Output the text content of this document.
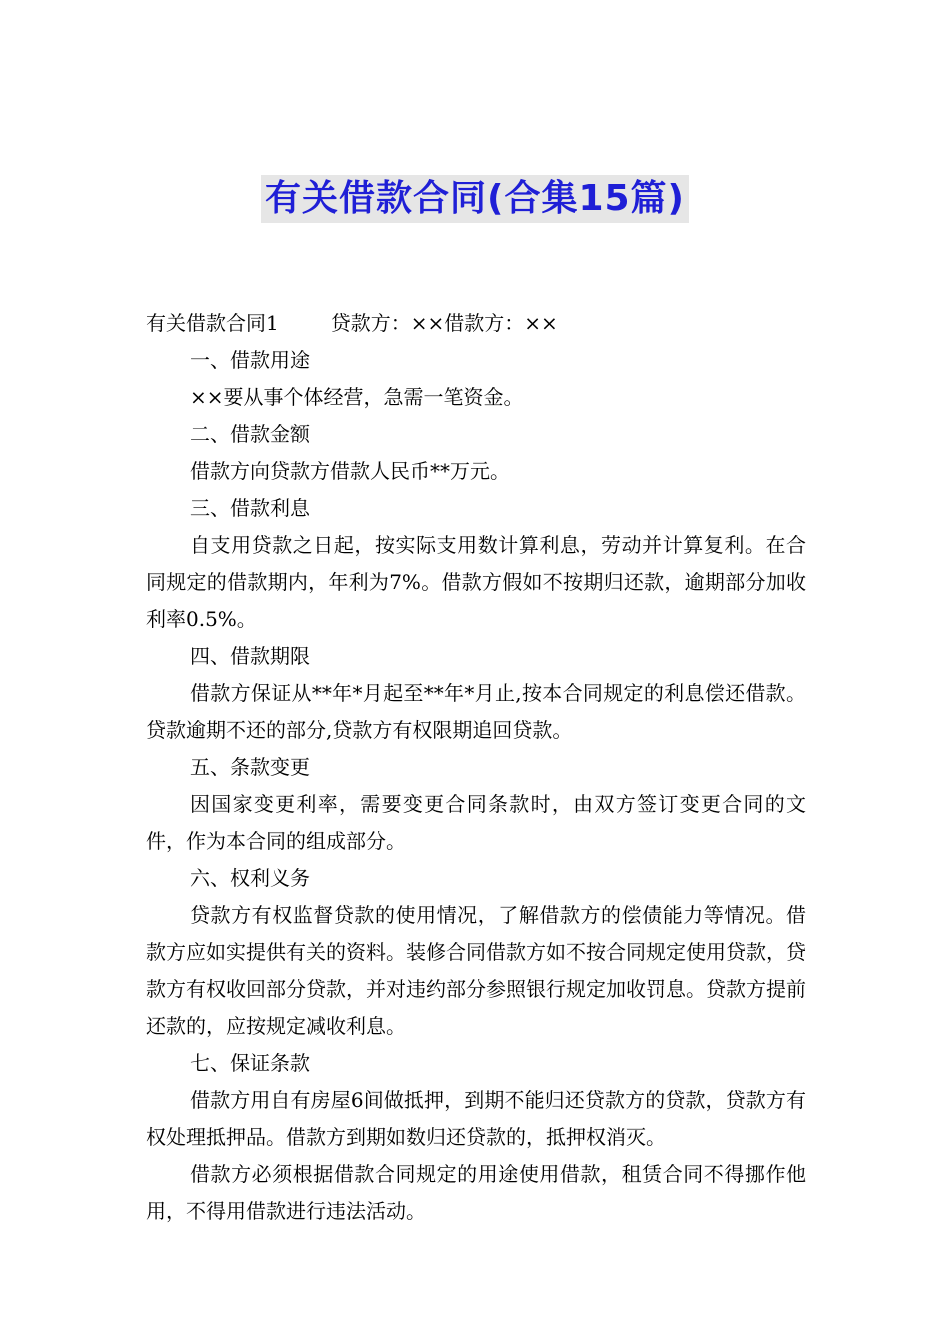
有关借款合同(合集15篇)

有关借款合同1	贷款方：××借款方：××

一、借款用途

××要从事个体经营，急需一笔资金。

二、借款金额

借款方向贷款方借款人民币**万元。

三、借款利息

自支用贷款之日起，按实际支用数计算利息，劳动并计算复利。在合同规定的借款期内，年利为7%。借款方假如不按期归还款，逾期部分加收利率0.5%。

四、借款期限

借款方保证从**年*月起至**年*月止,按本合同规定的利息偿还借款。贷款逾期不还的部分,贷款方有权限期追回贷款。

五、条款变更

因国家变更利率，需要变更合同条款时，由双方签订变更合同的文件，作为本合同的组成部分。

六、权利义务

贷款方有权监督贷款的使用情况，了解借款方的偿债能力等情况。借款方应如实提供有关的资料。装修合同借款方如不按合同规定使用贷款，贷款方有权收回部分贷款，并对违约部分参照银行规定加收罚息。贷款方提前还款的，应按规定减收利息。

七、保证条款

借款方用自有房屋6间做抵押，到期不能归还贷款方的贷款，贷款方有权处理抵押品。借款方到期如数归还贷款的，抵押权消灭。

借款方必须根据借款合同规定的用途使用借款，租赁合同不得挪作他用，不得用借款进行违法活动。
